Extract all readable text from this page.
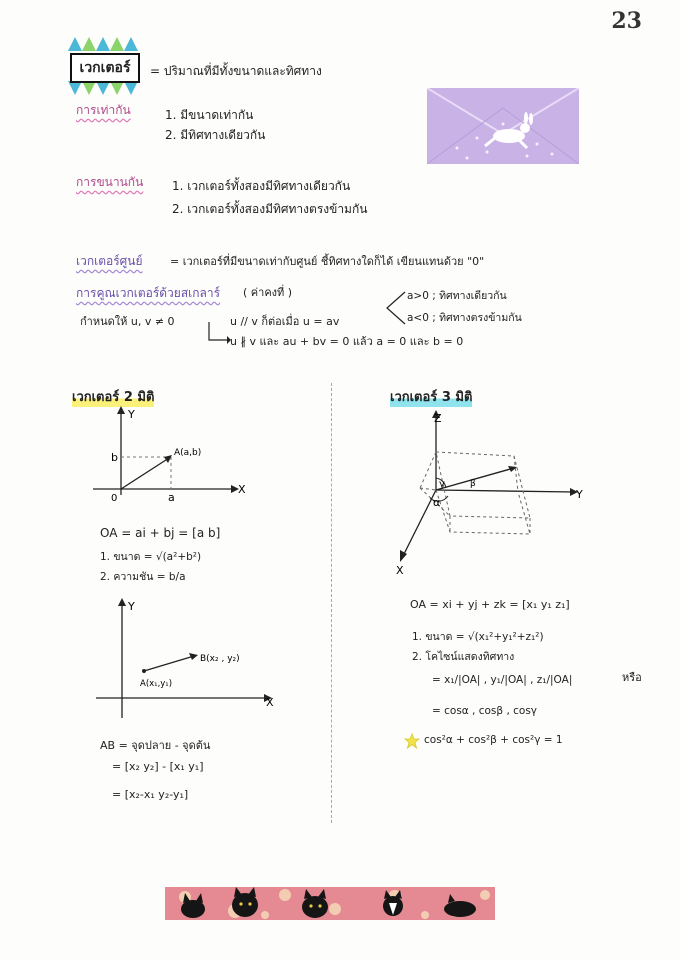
23
เวกเตอร์	= ปริมาณที่มีทั้งขนาดและทิศทาง
การเท่ากัน	1. มีขนาดเท่ากัน
2. มีทิศทางเดียวกัน
การขนานกัน 1. เวกเตอร์ทั้งสองมีทิศทางเดียวกัน
2. เวกเตอร์ทั้งสองมีทิศทางตรงข้ามกัน
เวกเตอร์ศูนย์ = เวกเตอร์ที่มีขนาดเท่ากับศูนย์ ชี้ทิศทางใดก็ได้ เขียนแทนด้วย "0"
การคูณเวกเตอร์ด้วยสเกลาร์ ( ค่าคงที่ )
กำหนดให้ u, v ≠ 0	u // v ก็ต่อเมื่อ u = av
a>0 ; ทิศทางเดียวกัน
a<0 ; ทิศทางตรงข้ามกัน
u ∦ v และ au + bv = 0 แล้ว a = 0 และ b = 0
เวกเตอร์ 2 มิติ
Y
X
b
0	a
A(a,b)
OA = ai + bj = [a b]
1. ขนาด = √(a²+b²)
2. ความชัน = b/a
Y
X
A(x₁,y₁)
B(x₂ , y₂)
AB = จุดปลาย - จุดต้น
= [x₂ y₂] - [x₁ y₁]
= [x₂-x₁ y₂-y₁]
เวกเตอร์ 3 มิติ
Z
Y
X
γ
α
β
OA = xi + yj + zk = [x₁ y₁ z₁]
1. ขนาด = √(x₁²+y₁²+z₁²)
2. โคไซน์แสดงทิศทาง
= x₁/|OA| , y₁/|OA| , z₁/|OA|	หรือ
= cosα , cosβ , cosγ
cos²α + cos²β + cos²γ = 1
